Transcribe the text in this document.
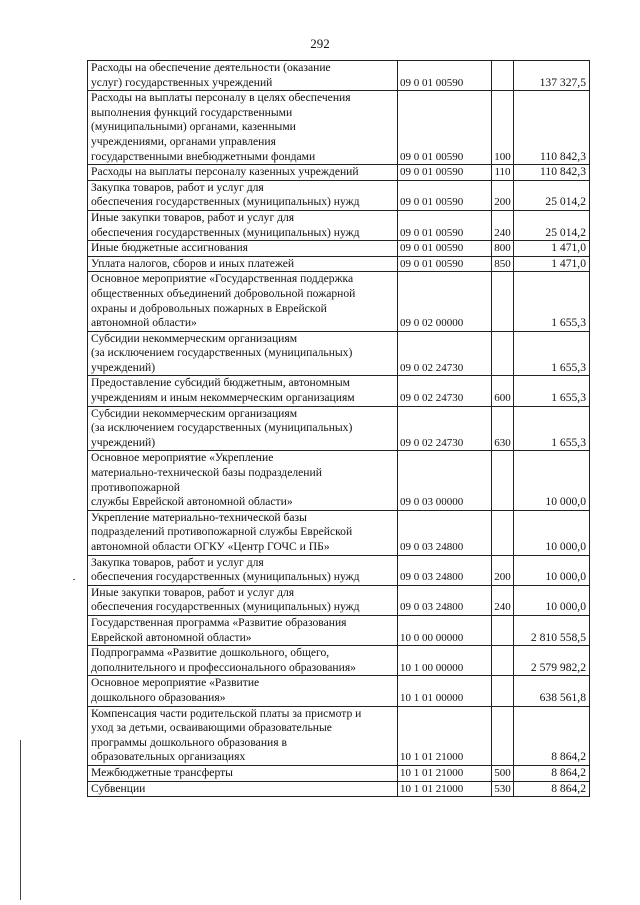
292
Расходы на обеспечение деятельности (оказание
услуг) государственных учреждений	09 0 01 00590		137 327,5

Расходы на выплаты персоналу в целях обеспечения
выполнения функций государственными
(муниципальными) органами, казенными
учреждениями, органами управления
государственными внебюджетными фондами	09 0 01 00590	100	110 842,3

Расходы на выплаты персоналу казенных учреждений	09 0 01 00590	110	110 842,3

Закупка товаров, работ и услуг для
обеспечения государственных (муниципальных) нужд	09 0 01 00590	200	25 014,2

Иные закупки товаров, работ и услуг для
обеспечения государственных (муниципальных) нужд	09 0 01 00590	240	25 014,2

Иные бюджетные ассигнования	09 0 01 00590	800	1 471,0

Уплата налогов, сборов и иных платежей	09 0 01 00590	850	1 471,0

Основное мероприятие «Государственная поддержка
общественных объединений добровольной пожарной
охраны и добровольных пожарных в Еврейской
автономной области»	09 0 02 00000		1 655,3

Субсидии некоммерческим организациям
(за исключением государственных (муниципальных)
учреждений)	09 0 02 24730		1 655,3

Предоставление субсидий бюджетным, автономным
учреждениям и иным некоммерческим организациям	09 0 02 24730	600	1 655,3

Субсидии некоммерческим организациям
(за исключением государственных (муниципальных)
учреждений)	09 0 02 24730	630	1 655,3

Основное мероприятие «Укрепление
материально-технической базы подразделений противопожарной
службы Еврейской автономной области»	09 0 03 00000		10 000,0

Укрепление материально-технической базы
подразделений противопожарной службы Еврейской
автономной области ОГКУ «Центр ГОЧС и ПБ»	09 0 03 24800		10 000,0

Закупка товаров, работ и услуг для
обеспечения государственных (муниципальных) нужд	09 0 03 24800	200	10 000,0

Иные закупки товаров, работ и услуг для
обеспечения государственных (муниципальных) нужд	09 0 03 24800	240	10 000,0

Государственная программа «Развитие образования
Еврейской автономной области»	10 0 00 00000		2 810 558,5

Подпрограмма «Развитие дошкольного, общего,
дополнительного и профессионального образования»	10 1 00 00000		2 579 982,2

Основное мероприятие «Развитие
дошкольного образования»	10 1 01 00000		638 561,8

Компенсация части родительской платы за присмотр и
уход за детьми, осваивающими образовательные
программы дошкольного образования в
образовательных организациях	10 1 01 21000		8 864,2

Межбюджетные трансферты	10 1 01 21000	500	8 864,2

Субвенции	10 1 01 21000	530	8 864,2
